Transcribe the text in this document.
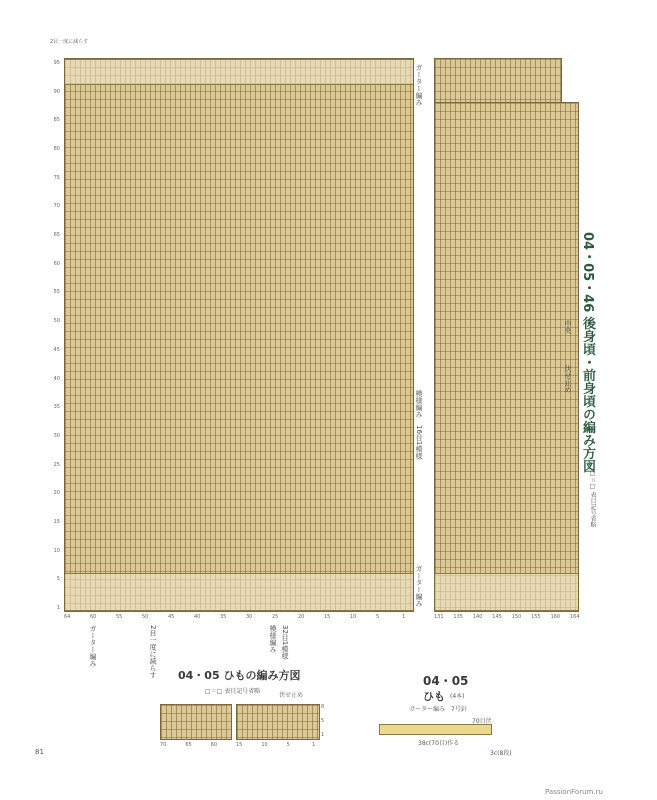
2目一度に減らす
ガーター編み
模様編み　16目1模様
ガーター編み
中央
伏せ止め 04・05・46 後身頃・前身頃の編み方図
□＝□ 表目記号省略
ガーター編み	2目一度に減らす	模様編み 32目1模様
95
90
85
80
75
70
65
60
55
50
45
40
35
30
25
20
15
10
5
1
1
5
10
15
20
25
30
35
40
45
50
55
60
64	131 135 140 145 150 155 160 164
04・05 ひもの編み方図
□＝□ 表目記号省略
伏せ止め
8
5
1
70	65	60	15	10	5	1
04・05
ひも (4本)
ガーター編み　7号針
70目伏
38c(70目)作る
3c(8段)
81
PassionForum.ru
